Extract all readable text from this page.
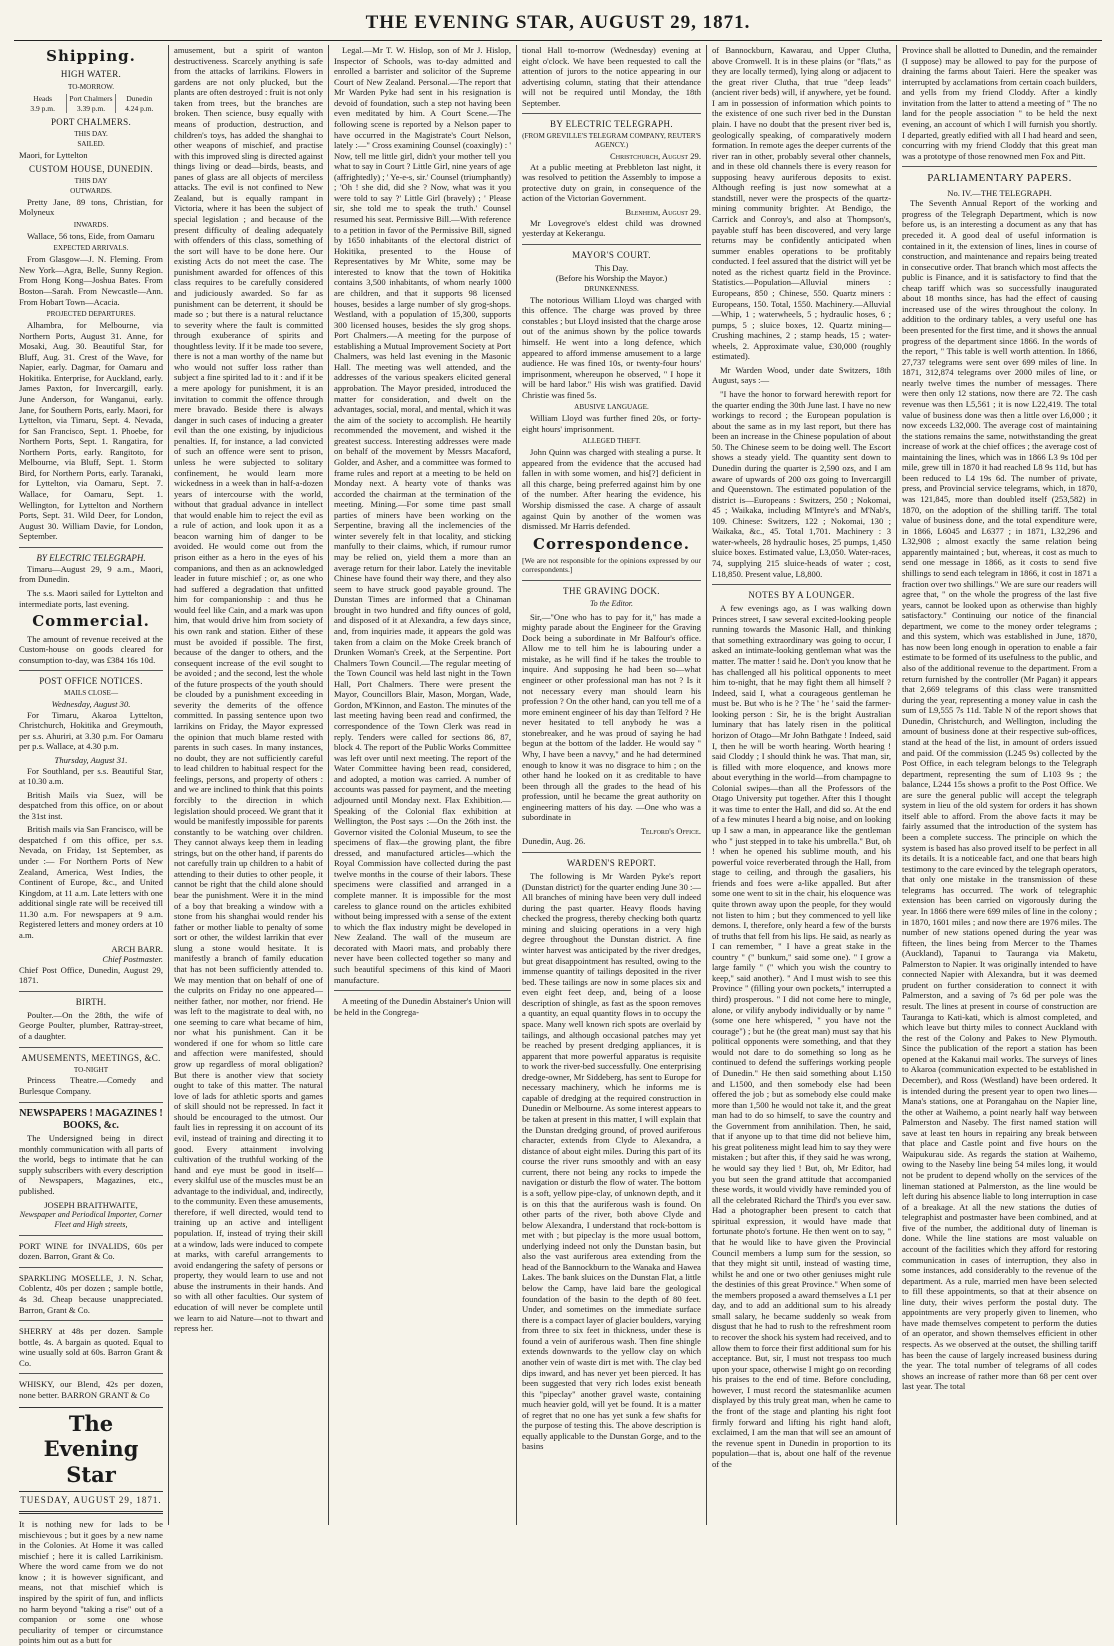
THE EVENING STAR, AUGUST 29, 1871.
Shipping.
HIGH WATER.
TO-MORROW.
Heads
3.9 p.m.
Port Chalmers
3.39 p.m.
Dunedin
4.24 p.m.
PORT CHALMERS.
THIS DAY.
SAILED.

Maori, for Lyttelton

CUSTOM HOUSE, DUNEDIN.
THIS DAY
OUTWARDS.

Pretty Jane, 89 tons, Christian, for Molyneux

INWARDS.

Wallace, 56 tons, Eide, from Oamaru

EXPECTED ARRIVALS.

From Glasgow—J. N. Fleming. From New York—Agra, Belle, Sunny Region. From Hong Kong—Joshua Bates. From Boston—Sarah. From Newcastle—Ann. From Hobart Town—Acacia.

PROJECTED DEPARTURES.

Alhambra, for Melbourne, via Northern Ports, August 31. Anne, for Mosaki, Aug. 30. Beautiful Star, for Bluff, Aug. 31. Crest of the Wave, for Napier, early. Dagmar, for Oamaru and Hokitika. Enterprise, for Auckland, early. James Paxton, for Invercargill, early. June Anderson, for Wanganui, early. Jane, for Southern Ports, early. Maori, for Lyttelton, via Timaru, Sept. 4. Nevada, for San Francisco, Sept. 1. Phoebe, for Northern Ports, Sept. 1. Rangatira, for Northern Ports, early. Rangitoto, for Melbourne, via Bluff, Sept. 1. Storm Bird, for Northern Ports, early. Taranaki, for Lyttelton, via Oamaru, Sept. 7. Wallace, for Oamaru, Sept. 1. Wellington, for Lyttelton and Northern Ports, Sept. 31. Wild Deer, for London, August 30. William Davie, for London, September.

BY ELECTRIC TELEGRAPH.

Timaru—August 29, 9 a.m., Maori, from Dunedin.

The s.s. Maori sailed for Lyttelton and intermediate ports, last evening.

Commercial.

The amount of revenue received at the Custom-house on goods cleared for consumption to-day, was £384 16s 10d.

POST OFFICE NOTICES.
MAILS CLOSE—
Wednesday, August 30.

For Timaru, Akaroa Lyttelton, Christchurch, Hokitika and Greymouth, per s.s. Ahuriri, at 3.30 p.m. For Oamaru per p.s. Wallace, at 4.30 p.m.

Thursday, August 31.

For Southland, per s.s. Beautiful Star, at 10.30 a.m.

British Mails via Suez, will be despatched from this office, on or about the 31st inst.

British mails via San Francisco, will be despatched f om this office, per s.s. Nevada, on Friday, 1st September, as under :— For Northern Ports of New Zealand, America, West Indies, the Continent of Europe, &c., and United Kingdom, at 11 a.m. Late letters with one additional single rate will be received till 11.30 a.m. For newspapers at 9 a.m. Registered letters and money orders at 10 a.m.

ARCH BARR.
Chief Postmaster.

Chief Post Office, Dunedin, August 29, 1871.

BIRTH.

Poulter.—On the 28th, the wife of George Poulter, plumber, Rattray-street, of a daughter.

AMUSEMENTS, MEETINGS, &C.
TO-NIGHT

Princess Theatre.—Comedy and Burlesque Company.

NEWSPAPERS ! MAGAZINES ! BOOKS, &c.

The Undersigned being in direct monthly communication with all parts of the world, begs to intimate that he can supply subscribers with every description of Newspapers, Magazines, etc., published.

JOSEPH BRAITHWAITE,
Newspaper and Periodical Importer, Corner Fleet and High streets,

PORT WINE for INVALIDS, 60s per dozen. Barron, Grant & Co.

SPARKLING MOSELLE, J. N. Schar, Coblentz, 40s per dozen ; sample bottle, 4s 3d. Cheap because unappreciated. Barron, Grant & Co.

SHERRY at 48s per dozen. Sample bottle, 4s. A bargain as quoted. Equal to wine usually sold at 60s. Barron Grant & Co.

WHISKY, our Blend, 42s per dozen, none better. BARRON GRANT & Co

The Evening Star
TUESDAY, AUGUST 29, 1871.

It is nothing new for lads to be mischievous ; but it goes by a new name in the Colonies. At Home it was called mischief ; here it is called Larrikinism. Where the word came from we do not know ; it is however significant, and means, not that mischief which is inspired by the spirit of fun, and inflicts no harm beyond "taking a rise" out of a companion or some one whose peculiarity of temper or circumstance points him out as a butt for

amusement, but a spirit of wanton destructiveness. Scarcely anything is safe from the attacks of larrikins. Flowers in gardens are not only plucked, but the plants are often destroyed : fruit is not only taken from trees, but the branches are broken. Then science, busy equally with means of production, destruction, and children's toys, has added the shanghai to other weapons of mischief, and practise with this improved sling is directed against things living or dead—birds, beasts, and panes of glass are all objects of merciless attacks. The evil is not confined to New Zealand, but is equally rampant in Victoria, where it has been the subject of special legislation ; and because of the present difficulty of dealing adequately with offenders of this class, something of the sort will have to be done here. Our existing Acts do not meet the case. The punishment awarded for offences of this class requires to be carefully considered and judiciously awarded. So far as punishment can be deterrent, it should be made so ; but there is a natural reluctance to severity where the fault is committed through exuberance of spirits and thoughtless levity. If it be made too severe, there is not a man worthy of the name but who would not suffer loss rather than subject a fine spirited lad to it : and if it be a mere apology for punishment, it is an invitation to commit the offence through mere bravado. Beside there is always danger in such cases of inducing a greater evil than the one existing, by injudicious penalties. If, for instance, a lad convicted of such an offence were sent to prison, unless he were subjected to solitary confinement, he would learn more wickedness in a week than in half-a-dozen years of intercourse with the world, without that gradual advance in intellect that would enable him to reject the evil as a rule of action, and look upon it as a beacon warning him of danger to be avoided. He would come out from the prison either as a hero in the eyes of his companions, and then as an acknowledged leader in future mischief ; or, as one who had suffered a degradation that unfitted him for companionship : and thus he would feel like Cain, and a mark was upon him, that would drive him from society of his own rank and station. Either of these must be avoided if possible. The first, because of the danger to others, and the consequent increase of the evil sought to be avoided ; and the second, lest the whole of the future prospects of the youth should be clouded by a punishment exceeding in severity the demerits of the offence committed. In passing sentence upon two larrikins on Friday, the Mayor expressed the opinion that much blame rested with parents in such cases. In many instances, no doubt, they are not sufficiently careful to lead children to habitual respect for the feelings, persons, and property of others : and we are inclined to think that this points forcibly to the direction in which legislation should proceed. We grant that it would be manifestly impossible for parents constantly to be watching over children. They cannot always keep them in leading strings, but on the other hand, if parents do not carefully train up children to a habit of attending to their duties to other people, it cannot be right that the child alone should bear the punishment. Were it in the mind of a boy that breaking a window with a stone from his shanghai would render his father or mother liable to penalty of some sort or other, the wildest larrikin that ever slung a stone would hesitate. It is manifestly a branch of family education that has not been sufficiently attended to. We may mention that on behalf of one of the culprits on Friday no one appeared—neither father, nor mother, nor friend. He was left to the magistrate to deal with, no one seeming to care what became of him, nor what his punishment. Can it be wondered if one for whom so little care and affection were manifested, should grow up regardless of moral obligation? But there is another view that society ought to take of this matter. The natural love of lads for athletic sports and games of skill should not be repressed. In fact it should be encouraged to the utmost. Our fault lies in repressing it on account of its evil, instead of training and directing it to good. Every attainment involving cultivation of the truthful working of the hand and eye must be good in itself—every skilful use of the muscles must be an advantage to the individual, and, indirectly, to the community. Even these amusements, therefore, if well directed, would tend to training up an active and intelligent population. If, instead of trying their skill at a window, lads were induced to compete at marks, with careful arrangements to avoid endangering the safety of persons or property, they would learn to use and not abuse the instruments in their hands. And so with all other faculties. Our system of education of will never be complete until we learn to aid Nature—not to thwart and repress her.

Legal.—Mr T. W. Hislop, son of Mr J. Hislop, Inspector of Schools, was to-day admitted and enrolled a barrister and solicitor of the Supreme Court of New Zealand. Personal.—The report that Mr Warden Pyke had sent in his resignation is devoid of foundation, such a step not having been even meditated by him. A Court Scene.—The following scene is reported by a Nelson paper to have occurred in the Magistrate's Court Nelson, lately :—" Cross examining Counsel (coaxingly) : ' Now, tell me little girl, didn't your mother tell you what to say in Court ? Little Girl, nine years of age (affrightedly) ; ' Ye-e-s, sir.' Counsel (triumphantly) ; 'Oh ! she did, did she ? Now, what was it you were told to say ?' Little Girl (bravely) ; ' Please sir, she told me to speak the truth.' Counsel resumed his seat. Permissive Bill.—With reference to a petition in favor of the Permissive Bill, signed by 1650 inhabitants of the electoral district of Hokitika, presented to the House of Representatives by Mr White, some may be interested to know that the town of Hokitika contains 3,500 inhabitants, of whom nearly 1000 are children, and that it supports 98 licensed houses, besides a large number of sly grog-shops. Westland, with a population of 15,300, supports 300 licensed houses, besides the sly grog shops. Port Chalmers.—A meeting for the purpose of establishing a Mutual Improvement Society at Port Chalmers, was held last evening in the Masonic Hall. The meeting was well attended, and the addresses of the various speakers elicited general approbation. The Mayor presided, introduced the matter for consideration, and dwelt on the advantages, social, moral, and mental, which it was the aim of the society to accomplish. He heartily recommended the movement, and wished it the greatest success. Interesting addresses were made on behalf of the movement by Messrs Macaford, Golder, and Asher, and a committee was formed to frame rules and report at a meeting to be held on Monday next. A hearty vote of thanks was accorded the chairman at the termination of the meeting. Mining.—For some time past small parties of miners have been working on the Serpentine, braving all the inclemencies of the winter severely felt in that locality, and sticking manfully to their claims, which, if rumour rumor may be relied on, yield them a more than an average return for their labor. Lately the inevitable Chinese have found their way there, and they also seem to have struck good payable ground. The Dunstan Times are informed that a Chinaman brought in two hundred and fifty ounces of gold, and disposed of it at Alexandra, a few days since, and, from inquiries made, it appears the gold was taken from a claim on the Moke Creek branch of Drunken Woman's Creek, at the Serpentine. Port Chalmers Town Council.—The regular meeting of the Town Council was held last night in the Town Hall, Port Chalmers. There were present the Mayor, Councillors Blair, Mason, Morgan, Wade, Gordon, M'Kinnon, and Easton. The minutes of the last meeting having been read and confirmed, the correspondence of the Town Clerk was read in reply. Tenders were called for sections 86, 87, block 4. The report of the Public Works Committee was left over until next meeting. The report of the Water Committee having been read, considered, and adopted, a motion was carried. A number of accounts was passed for payment, and the meeting adjourned until Monday next. Flax Exhibition.—Speaking of the Colonial flax exhibition at Wellington, the Post says :—On the 26th inst. the Governor visited the Colonial Museum, to see the specimens of flax—the growing plant, the fibre dressed, and manufactured articles—which the Royal Commission have collected during the past twelve months in the course of their labors. These specimens were classified and arranged in a complete manner. It is impossible for the most careless to glance round on the articles exhibited without being impressed with a sense of the extent to which the flax industry might be developed in New Zealand. The wall of the museum are decorated with Maori mats, and probably there never have been collected together so many and such beautiful specimens of this kind of Maori manufacture.

A meeting of the Dunedin Abstainer's Union will be held in the Congrega-

tional Hall to-morrow (Wednesday) evening at eight o'clock. We have been requested to call the attention of jurors to the notice appearing in our advertising column, stating that their attendance will not be required until Monday, the 18th September.

BY ELECTRIC TELEGRAPH.
(FROM GREVILLE'S TELEGRAM COMPANY, REUTER'S AGENCY.)
Christchurch, August 29.

At a public meeting at Prebbleton last night, it was resolved to petition the Assembly to impose a protective duty on grain, in consequence of the action of the Victorian Government.

Blenheim, August 29.

Mr Lovegrove's eldest child was drowned yesterday at Kekerangu.

MAYOR'S COURT.
This Day.
(Before his Worship the Mayor.)
DRUNKENNESS.

The notorious William Lloyd was charged with this offence. The charge was proved by three constables ; but Lloyd insisted that the charge arose out of the animus shown by the police towards himself. He went into a long defence, which appeared to afford immense amusement to a large audience. He was fined 10s, or twenty-four hours' imprisonment, whereupon he observed, " I hope it will be hard labor." His wish was gratified. David Christie was fined 5s.

ABUSIVE LANGUAGE.

William Lloyd was further fined 20s, or forty-eight hours' imprisonment.

ALLEGED THEFT.

John Quinn was charged with stealing a purse. It appeared from the evidence that the accused had fallen in with some women, and his[?] deficient in all this charge, being preferred against him by one of the number. After hearing the evidence, his Worship dismissed the case. A charge of assault against Quin by another of the women was dismissed. Mr Harris defended.

Correspondence.

[We are not responsible for the opinions expressed by our correspondents.]

THE GRAVING DOCK.
To the Editor.

Sir,—"One who has to pay for it," has made a mighty parade about the Engineer for the Graving Dock being a subordinate in Mr Balfour's office. Allow me to tell him he is labouring under a mistake, as he will find if he takes the trouble to inquire. And supposing he had been so—what engineer or other professional man has not ? Is it not necessary every man should learn his profession ? On the other hand, can you tell me of a more eminent engineer of his day than Telford ? He never hesitated to tell anybody he was a stonebreaker, and he was proud of saying he had begun at the bottom of the ladder. He would say " Why, I have been a navvy," and he had determined enough to know it was no disgrace to him ; on the other hand he looked on it as creditable to have been through all the grades to the head of his profession, until he became the great authority on engineering matters of his day. —One who was a subordinate in

Telford's Office.

Dunedin, Aug. 26.

WARDEN'S REPORT.

The following is Mr Warden Pyke's report (Dunstan district) for the quarter ending June 30 :— All branches of mining have been very dull indeed during the past quarter. Heavy floods having checked the progress, thereby checking both quartz mining and sluicing operations in a very high degree throughout the Dunstan district. A fine winter harvest was anticipated by the river dredges, but great disappointment has resulted, owing to the immense quantity of tailings deposited in the river bed. These tailings are now in some places six and even eight feet deep, and, being of a loose description of shingle, as fast as the spoon removes a quantity, an equal quantity flows in to occupy the space. Many well known rich spots are overlaid by tailings, and although occasional patches may yet be reached by present dredging appliances, it is apparent that more powerful apparatus is requisite to work the river-bed successfully. One enterprising dredge-owner, Mr Siddeberg, has sent to Europe for necessary machinery, which he informs me is capable of dredging at the required construction in Dunedin or Melbourne. As some interest appears to be taken at present in this matter, I will explain that the Dunstan dredging ground, of proved auriferous character, extends from Clyde to Alexandra, a distance of about eight miles. During this part of its course the river runs smoothly and with an easy current, there not being any rocks to impede the navigation or disturb the flow of water. The bottom is a soft, yellow pipe-clay, of unknown depth, and it is on this that the auriferous wash is found. On other parts of the river, both above Clyde and below Alexandra, I understand that rock-bottom is met with ; but pipeclay is the more usual bottom, underlying indeed not only the Dunstan basin, but also the vast auriferous area extending from the head of the Bannockburn to the Wanaka and Hawea Lakes. The bank sluices on the Dunstan Flat, a little below the Camp, have laid bare the geological foundation of the basin to the depth of 80 feet. Under, and sometimes on the immediate surface there is a compact layer of glacier boulders, varying from three to six feet in thickness, under these is found a vein of auriferous wash. Then fine shingle extends downwards to the yellow clay on which another vein of waste dirt is met with. The clay bed dips inward, and has never yet been pierced. It has been suggested that very rich lodes exist beneath this "pipeclay" another gravel waste, containing much heavier gold, will yet be found. It is a matter of regret that no one has yet sunk a few shafts for the purpose of testing this. The above description is equally applicable to the Dunstan Gorge, and to the basins

of Bannockburn, Kawarau, and Upper Clutha, above Cromwell. It is in these plains (or "flats," as they are locally termed), lying along or adjacent to the great river Clutha, that true "deep leads" (ancient river beds) will, if anywhere, yet be found. I am in possession of information which points to the existence of one such river bed in the Dunstan plain. I have no doubt that the present river bed is, geologically speaking, of comparatively modern formation. In remote ages the deeper currents of the river ran in other, probably several other channels, and in these old channels there is every reason for supposing heavy auriferous deposits to exist. Although reefing is just now somewhat at a standstill, never were the prospects of the quartz-mining community brighter. At Bendigo, the Carrick and Conroy's, and also at Thompson's, payable stuff has been discovered, and very large returns may be confidently anticipated when summer enables operations to be profitably conducted. I feel assured that the district will yet be noted as the richest quartz field in the Province. Statistics.—Population—Alluvial miners : Europeans, 850 ; Chinese, 550. Quartz miners : Europeans, 150. Total, 1550. Machinery.—Alluvial—Whip, 1 ; waterwheels, 5 ; hydraulic hoses, 6 ; pumps, 5 ; sluice boxes, 12. Quartz mining—Crushing machines, 2 ; stamp heads, 15 ; water-wheels, 2. Approximate value, £30,000 (roughly estimated).

Mr Warden Wood, under date Switzers, 18th August, says :—

"I have the honor to forward herewith report for the quarter ending the 30th June last. I have no new workings to record ; the European population is about the same as in my last report, but there has been an increase in the Chinese population of about 50. The Chinese seem to be doing well. The Escort shows a steady yield. The quantity sent down to Dunedin during the quarter is 2,590 ozs, and I am aware of upwards of 200 ozs going to Invercargill and Queenstown. The estimated population of the district is—Europeans : Switzers, 250 ; Nokomai, 45 ; Waikaka, including M'Intyre's and M'Nab's, 109. Chinese: Switzers, 122 ; Nokomai, 130 ; Waikaka, &c., 45. Total 1,701. Machinery : 3 water-wheels, 28 hydraulic hoses, 25 pumps, 1,450 sluice boxes. Estimated value, L3,050. Water-races, 74, supplying 215 sluice-heads of water ; cost, L18,850. Present value, L8,800.

NOTES BY A LOUNGER.

A few evenings ago, as I was walking down Princes street, I saw several excited-looking people running towards the Masonic Hall, and thinking that something extraordinary was going to occur, I asked an intimate-looking gentleman what was the matter. The matter ! said he. Don't you know that he has challenged all his political opponents to meet him to-night, that he may fight them all himself ? Indeed, said I, what a courageous gentleman he must be. But who is he ? The ' he ' said the farmer-looking person : Sir, he is the bright Australian luminary that has lately risen in the political horizon of Otago—Mr John Bathgate ! Indeed, said I, then he will be worth hearing. Worth hearing ! said Cloddy ; I should think he was. That man, sir, is filled with more eloquence, and knows more about everything in the world—from champagne to Colonial swipes—than all the Professors of the Otago University put together. After this I thought it was time to enter the Hall, and did so. At the end of a few minutes I heard a big noise, and on looking up I saw a man, in appearance like the gentleman who " just stepped in to take his umbrella." But, oh ! when he opened his sublime mouth, and his powerful voice reverberated through the Hall, from stage to ceiling, and through the gasaliers, his friends and foes were a-like appalled. But after some one went to sit in the chair, his eloquence was quite thrown away upon the people, for they would not listen to him ; but they commenced to yell like demons. I, therefore, only heard a few of the bursts of truths that fell from his lips. He said, as nearly as I can remember, " I have a great stake in the country " (" bunkum," said some one). " I grow a large family " (" which you wish the country to keep," said another). " And I must wish to see this Province " (filling your own pockets," interrupted a third) prosperous. " I did not come here to mingle, alone, or vilify anybody individually or by name " (some one here whispered, " you have not the courage") ; but he (the great man) must say that his political opponents were something, and that they would not dare to do something so long as he continued to defend the sufferings working people of Dunedin." He then said something about L150 and L1500, and then somebody else had been offered the job ; but as somebody else could make more than 1,500 he would not take it, and the great man had to do so himself, to save the country and the Government from annihilation. Then, he said, that if anyone up to that time did not believe him, his great politeness might lead him to say they were mistaken ; but after this, if they said he was wrong, he would say they lied ! But, oh, Mr Editor, had you but seen the grand attitude that accompanied these words, it would vividly have reminded you of all the celebrated Richard the Third's you ever saw. Had a photographer been present to catch that spiritual expression, it would have made that fortunate photo's fortune. He then went on to say, " that he would like to have given the Provincial Council members a lump sum for the session, so that they might sit until, instead of wasting time, whilst he and one or two other geniuses might rule the destinies of this great Province." When some of the members proposed a award themselves a L1 per day, and to add an additional sum to his already small salary, he became suddenly so weak from disgust that he had to rush to the refreshment room to recover the shock his system had received, and to allow them to force their first additional sum for his acceptance. But, sir, I must not trespass too much upon your space, otherwise I might go on recording his praises to the end of time. Before concluding, however, I must record the statesmanlike acumen displayed by this truly great man, when he came to the front of the stage and planting his right foot firmly forward and lifting his right hand aloft, exclaimed, I am the man that will see an amount of the revenue spent in Dunedin in proportion to its population—that is, about one half of the revenue of the

Province shall be allotted to Dunedin, and the remainder (I suppose) may be allowed to pay for the purpose of draining the farms about Taieri. Here the speaker was interrupted by acclamations from certain coach builders, and yells from my friend Cloddy. After a kindly invitation from the latter to attend a meeting of " The no land for the people association " to be held the next evening, an account of which I will furnish you shortly. I departed, greatly edified with all I had heard and seen, concurring with my friend Cloddy that this great man was a prototype of those renowned men Fox and Pitt.

PARLIAMENTARY PAPERS.
No. IV.—THE TELEGRAPH.

The Seventh Annual Report of the working and progress of the Telegraph Department, which is now before us, is an interesting a document as any that has preceded it. A good deal of useful information is contained in it, the extension of lines, lines in course of construction, and maintenance and repairs being treated in consecutive order. That branch which most affects the public is Finance, and it is satisfactory to find that the cheap tariff which was so successfully inaugurated about 18 months since, has had the effect of causing increased use of the wires throughout the colony. In addition to the ordinary tables, a very useful one has been presented for the first time, and it shows the annual progress of the department since 1866. In the words of the report, " This table is well worth attention. In 1866, 27,737 telegrams were sent over 699 miles of line. In 1871, 312,874 telegrams over 2000 miles of line, or nearly twelve times the number of messages. There were then only 12 stations, now there are 72. The cash revenue was then L5,561 ; it is now L22,419. The total value of business done was then a little over L6,000 ; it now exceeds L32,000. The average cost of maintaining the stations remains the same, notwithstanding the great increase of work at the chief offices ; the average cost of maintaining the lines, which was in 1866 L3 9s 10d per mile, grew till in 1870 it had reached L8 9s 11d, but has been reduced to L4 19s 6d. The number of private, press, and Provincial service telegrams, which, in 1870, was 121,845, more than doubled itself (253,582) in 1870, on the adoption of the shilling tariff. The total value of business done, and the total expenditure were, in 1866, L6045 and L6377 ; in 1871, L32,296 and L32,908 ; almost exactly the same relation being apparently maintained ; but, whereas, it cost as much to send one message in 1866, as it costs to send five shillings to send each telegram in 1866, it cost in 1871 a fraction over two shillings." We are sure our readers will agree that, " on the whole the progress of the last five years, cannot be looked upon as otherwise than highly satisfactory." Continuing our notice of the financial department, we come to the money order telegrams ; and this system, which was established in June, 1870, has now been long enough in operation to enable a fair estimate to be formed of its usefulness to the public, and also of the additional revenue to the department. From a return furnished by the controller (Mr Pagan) it appears that 2,669 telegrams of this class were transmitted during the year, representing a money value in cash the sum of L9,555 7s 11d. Table N of the report shows that Dunedin, Christchurch, and Wellington, including the amount of business done at their respective sub-offices, stand at the head of the list, in amount of orders issued and paid. Of the commission (L245 9s) collected by the Post Office, in each telegram belongs to the Telegraph department, representing the sum of L103 9s ; the balance, L244 15s shows a profit to the Post Office. We are sure the general public will accept the telegraph system in lieu of the old system for orders it has shown itself able to afford. From the above facts it may be fairly assumed that the introduction of the system has been a complete success. The principle on which the system is based has also proved itself to be perfect in all its details. It is a noticeable fact, and one that bears high testimony to the care evinced by the telegraph operators, that only one mistake in the transmission of these telegrams has occurred. The work of telegraphic extension has been carried on vigorously during the year. In 1866 there were 699 miles of line in the colony ; in 1870, 1601 miles ; and now there are 1976 miles. The number of new stations opened during the year was fifteen, the lines being from Mercer to the Thames (Auckland), Tapanui to Tauranga via Maketu, Palmerston to Napier. It was originally intended to have connected Napier with Alexandra, but it was deemed prudent on further consideration to connect it with Palmerston, and a saving of 7s 6d per pole was the result. The lines at present in course of construction are Tauranga to Kati-kati, which is almost completed, and which leave but thirty miles to connect Auckland with the rest of the Colony and Pakes to New Plymouth. Since the publication of the report a station has been opened at the Kakanui mail works. The surveys of lines to Akaroa (communication expected to be established in December), and Ross (Westland) have been ordered. It is intended during the present year to open two lines—Mana's stations, one at Porangahau on the Napier line, the other at Waihemo, a point nearly half way between Palmerston and Naseby. The first named station will save at least ten hours in repairing any break between that place and Castle point and five hours on the Waipukurau side. As regards the station at Waihemo, owing to the Naseby line being 54 miles long, it would not be prudent to depend wholly on the services of the lineman stationed at Palmerston, as the line would be left during his absence liable to long interruption in case of a breakage. At all the new stations the duties of telegraphist and postmaster have been combined, and at five of the number, the additional duty of lineman is done. While the line stations are most valuable on account of the facilities which they afford for restoring communication in cases of interruption, they also in some instances, add considerably to the revenue of the department. As a rule, married men have been selected to fill these appointments, so that at their absence on line duty, their wives perform the postal duty. The appointments are very properly given to linemen, who have made themselves competent to perform the duties of an operator, and shown themselves efficient in other respects. As we observed at the outset, the shilling tariff has been the cause of largely increased business during the year. The total number of telegrams of all codes shows an increase of rather more than 68 per cent over last year. The total
